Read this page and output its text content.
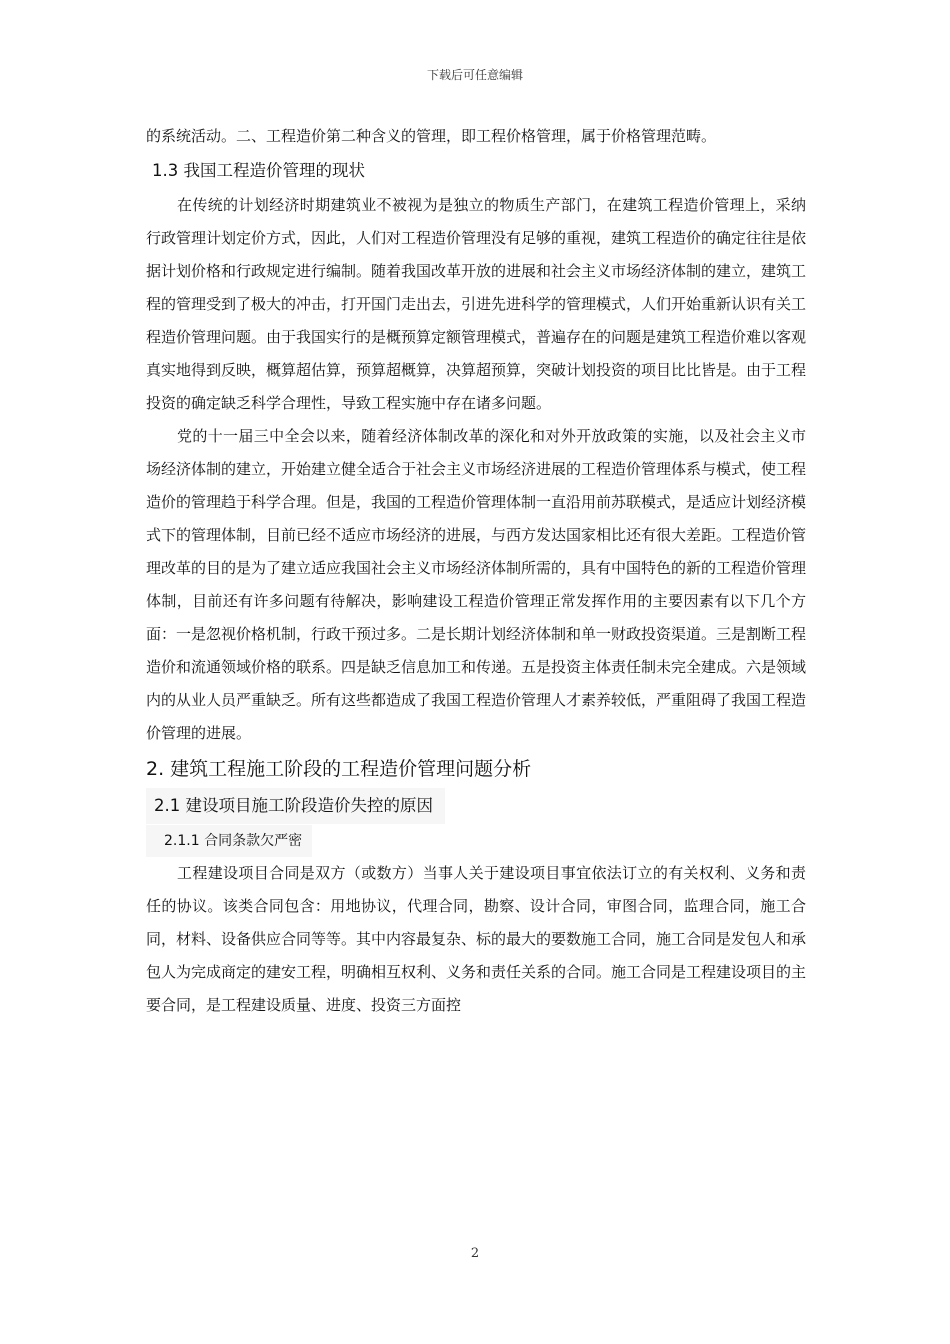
下载后可任意编辑

的系统活动。二、工程造价第二种含义的管理，即工程价格管理，属于价格管理范畴。

1.3 我国工程造价管理的现状

在传统的计划经济时期建筑业不被视为是独立的物质生产部门，在建筑工程造价管理上，采纳行政管理计划定价方式，因此，人们对工程造价管理没有足够的重视，建筑工程造价的确定往往是依据计划价格和行政规定进行编制。随着我国改革开放的进展和社会主义市场经济体制的建立，建筑工程的管理受到了极大的冲击，打开国门走出去，引进先进科学的管理模式，人们开始重新认识有关工程造价管理问题。由于我国实行的是概预算定额管理模式，普遍存在的问题是建筑工程造价难以客观真实地得到反映，概算超估算，预算超概算，决算超预算，突破计划投资的项目比比皆是。由于工程投资的确定缺乏科学合理性，导致工程实施中存在诸多问题。

党的十一届三中全会以来，随着经济体制改革的深化和对外开放政策的实施，以及社会主义市场经济体制的建立，开始建立健全适合于社会主义市场经济进展的工程造价管理体系与模式，使工程造价的管理趋于科学合理。但是，我国的工程造价管理体制一直沿用前苏联模式，是适应计划经济模式下的管理体制，目前已经不适应市场经济的进展，与西方发达国家相比还有很大差距。工程造价管理改革的目的是为了建立适应我国社会主义市场经济体制所需的，具有中国特色的新的工程造价管理体制，目前还有许多问题有待解决，影响建设工程造价管理正常发挥作用的主要因素有以下几个方面：一是忽视价格机制，行政干预过多。二是长期计划经济体制和单一财政投资渠道。三是割断工程造价和流通领域价格的联系。四是缺乏信息加工和传递。五是投资主体责任制未完全建成。六是领域内的从业人员严重缺乏。所有这些都造成了我国工程造价管理人才素养较低，严重阻碍了我国工程造价管理的进展。

2. 建筑工程施工阶段的工程造价管理问题分析

2.1 建设项目施工阶段造价失控的原因

2.1.1 合同条款欠严密

工程建设项目合同是双方（或数方）当事人关于建设项目事宜依法订立的有关权利、义务和责任的协议。该类合同包含：用地协议，代理合同，勘察、设计合同，审图合同，监理合同，施工合同，材料、设备供应合同等等。其中内容最复杂、标的最大的要数施工合同，施工合同是发包人和承包人为完成商定的建安工程，明确相互权利、义务和责任关系的合同。施工合同是工程建设项目的主要合同，是工程建设质量、进度、投资三方面控

2
